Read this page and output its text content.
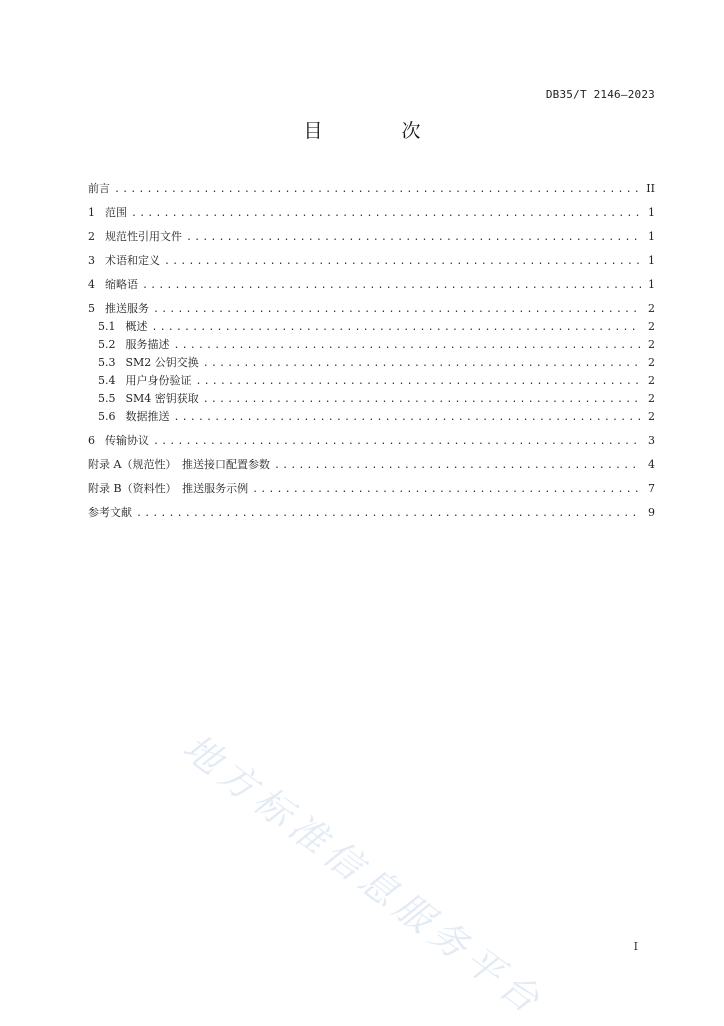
DB35/T 2146—2023
目　次
前言 .....	II
1 范围 .....	1
2 规范性引用文件 .....	1
3 术语和定义 .....	1
4 缩略语 .....	1
5 推送服务 .....	2
5.1 概述 .....	2
5.2 服务描述 .....	2
5.3 SM2 公钥交换 .....	2
5.4 用户身份验证 .....	2
5.5 SM4 密钥获取 .....	2
5.6 数据推送 .....	2
6 传输协议 .....	3
附录 A（规范性）　推送接口配置参数 .....	4
附录 B（资料性）　推送服务示例 .....	7
参考文献 .....	9
地方标准信息服务平台	I
